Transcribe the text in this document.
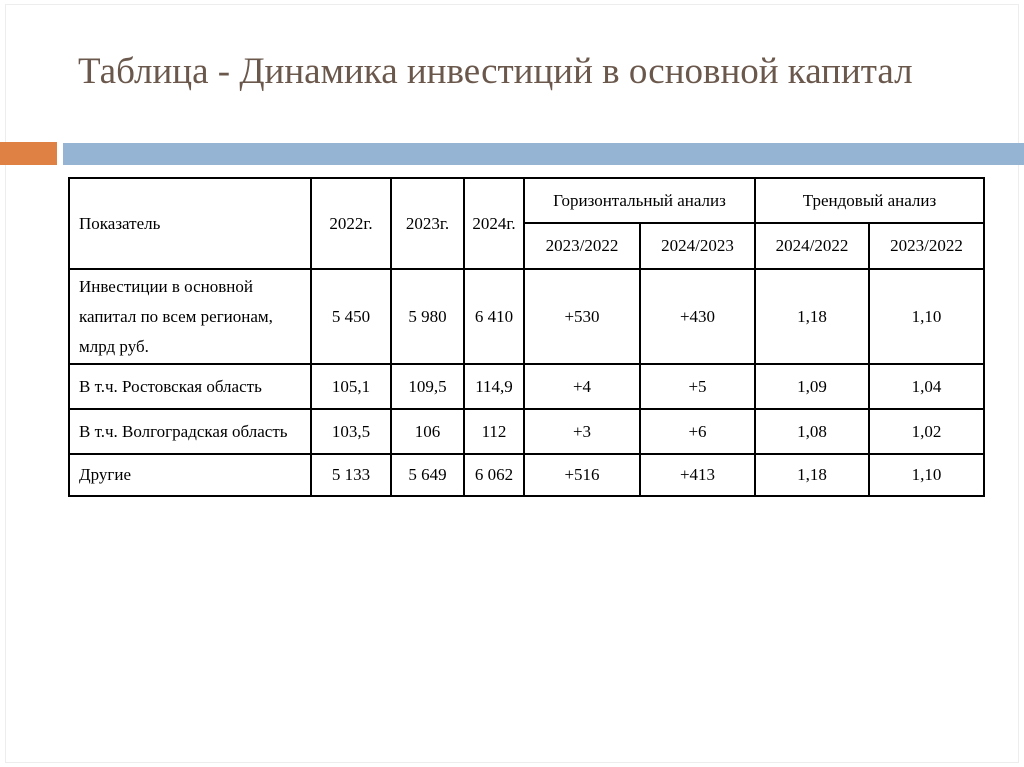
Таблица - Динамика инвестиций в основной капитал
Показатель	2022г.	2023г.	2024г.	Горизонтальный анализ		Трендовый анализ	
				2023/2022	2024/2023	2024/2022	2023/2022
Инвестиции в основной капитал по всем регионам, млрд руб.	5 450	5 980	6 410	+530	+430	1,18	1,10
В т.ч. Ростовская область	105,1	109,5	114,9	+4	+5	1,09	1,04
В т.ч. Волгоградская область	103,5	106	112	+3	+6	1,08	1,02
Другие	5 133	5 649	6 062	+516	+413	1,18	1,10
